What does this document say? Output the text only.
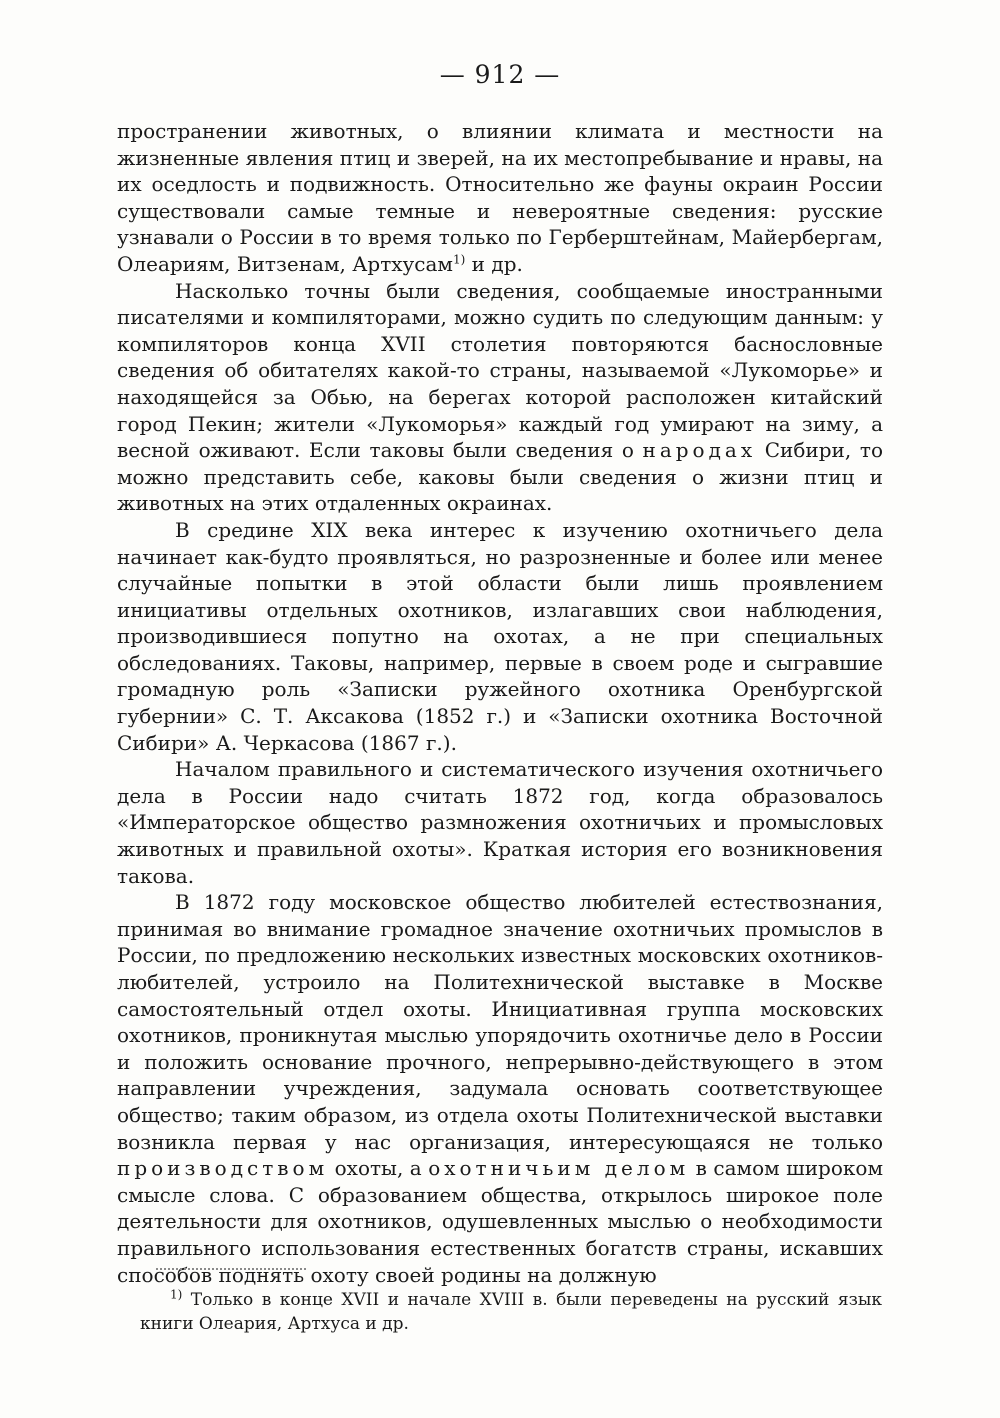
— 912 —

пространении животных, о влиянии климата и местности на жизненные явления птиц и зверей, на их местопребывание и нравы, на их оседлость и подвижность. Относительно же фауны окраин России существовали самые темные и невероятные сведения: русские узнавали о России в то время только по Герберштейнам, Майербергам, Олеариям, Витзенам, Артхусам$^{1)}$ и др.

Насколько точны были сведения, сообщаемые иностранными писателями и компиляторами, можно судить по следующим данным: у компиляторов конца XVII столетия повторяются баснословные сведения об обитателях какой-то страны, называемой «Лукоморье» и находящейся за Обью, на берегах которой расположен китайский город Пекин; жители «Лукоморья» каждый год умирают на зиму, а весной оживают. Если таковы были сведения о народах Сибири, то можно представить себе, каковы были сведения о жизни птиц и животных на этих отдаленных окраинах.

В средине XIX века интерес к изучению охотничьего дела начинает как-будто проявляться, но разрозненные и более или менее случайные попытки в этой области были лишь проявлением инициативы отдельных охотников, излагавших свои наблюдения, производившиеся попутно на охотах, а не при специальных обследованиях. Таковы, например, первые в своем роде и сыгравшие громадную роль «Записки ружейного охотника Оренбургской губернии» С. Т. Аксакова (1852 г.) и «Записки охотника Восточной Сибири» А. Черкасова (1867 г.).

Началом правильного и систематического изучения охотничьего дела в России надо считать 1872 год, когда образовалось «Императорское общество размножения охотничьих и промысловых животных и правильной охоты». Краткая история его возникновения такова.

В 1872 году московское общество любителей естествознания, принимая во внимание громадное значение охотничьих промыслов в России, по предложению нескольких известных московских охотников-любителей, устроило на Политехнической выставке в Москве самостоятельный отдел охоты. Инициативная группа московских охотников, проникнутая мыслью упорядочить охотничье дело в России и положить основание прочного, непрерывно-действующего в этом направлении учреждения, задумала основать соответствующее общество; таким образом, из отдела охоты Политехнической выставки возникла первая у нас организация, интересующаяся не только производством охоты, а охотничьим делом в самом широком смысле слова. С образованием общества, открылось широкое поле деятельности для охотников, одушевленных мыслью о необходимости правильного использования естественных богатств страны, искавших способов поднять охоту своей родины на должную

$^{1)}$ Только в конце XVII и начале XVIII в. были переведены на русский язык книги Олеария, Артхуса и др.
